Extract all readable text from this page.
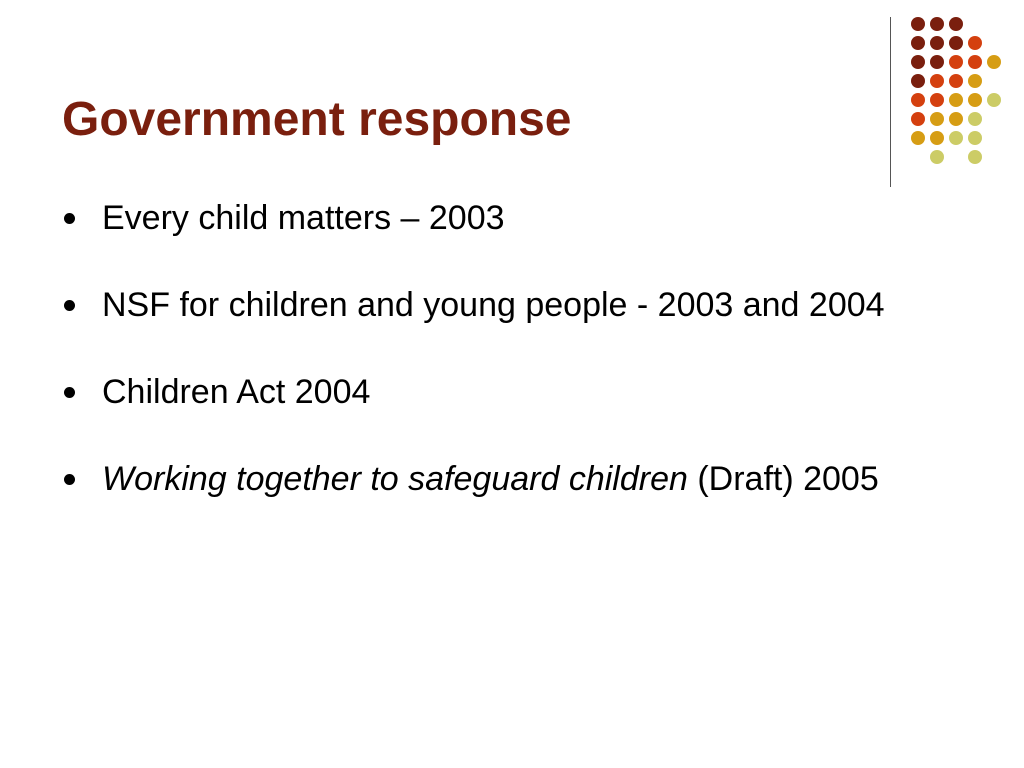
Government response
Every child matters – 2003
NSF for children and young people - 2003 and 2004
Children Act 2004
Working together to safeguard children (Draft) 2005
